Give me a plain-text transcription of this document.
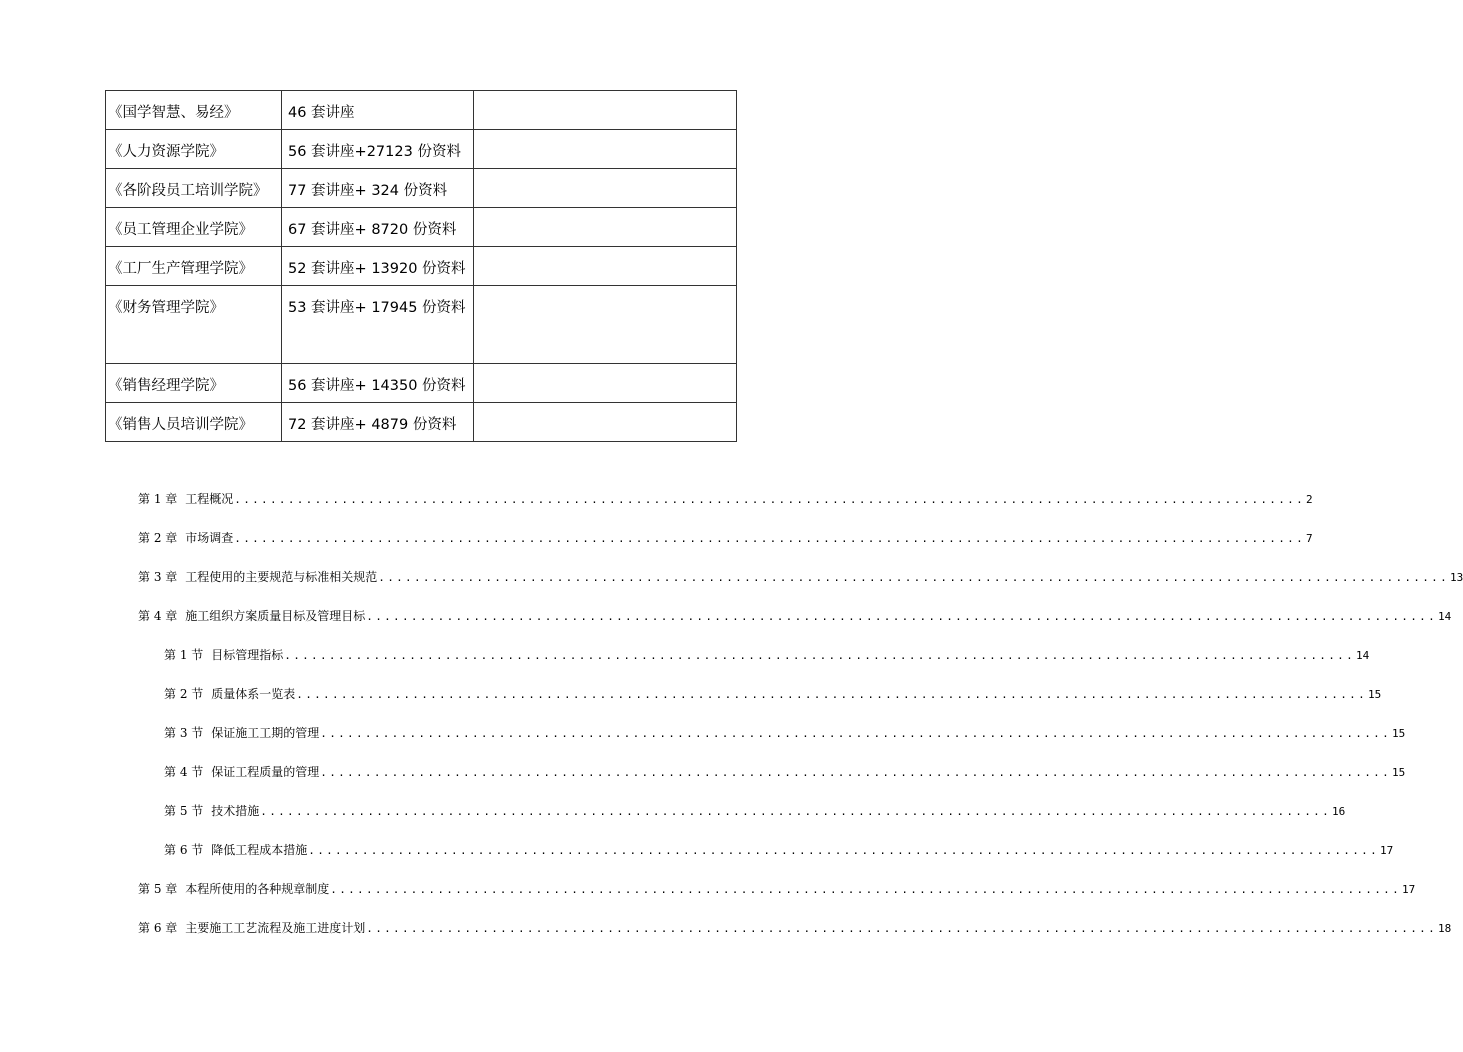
《国学智慧、易经》	46 套讲座	
《人力资源学院》	56 套讲座+27123 份资料	
《各阶段员工培训学院》	77 套讲座+ 324 份资料	
《员工管理企业学院》	67 套讲座+ 8720 份资料	
《工厂生产管理学院》	52 套讲座+ 13920 份资料	
《财务管理学院》	53 套讲座+ 17945 份资料	
《销售经理学院》	56 套讲座+ 14350 份资料	
《销售人员培训学院》	72 套讲座+ 4879 份资料	
第 1 章 工程概况 ........................................................................................................................ 2
第 2 章 市场调查 ........................................................................................................................ 7
第 3 章 工程使用的主要规范与标准相关规范 ........................................................................................................................ 13
第 4 章 施工组织方案质量目标及管理目标 ........................................................................................................................ 14
第 1 节 目标管理指标 ........................................................................................................................ 14
第 2 节 质量体系一览表 ........................................................................................................................ 15
第 3 节 保证施工工期的管理 ........................................................................................................................ 15
第 4 节 保证工程质量的管理 ........................................................................................................................ 15
第 5 节 技术措施 ........................................................................................................................ 16
第 6 节 降低工程成本措施 ........................................................................................................................ 17
第 5 章 本程所使用的各种规章制度 ........................................................................................................................ 17
第 6 章 主要施工工艺流程及施工进度计划 ........................................................................................................................ 18
